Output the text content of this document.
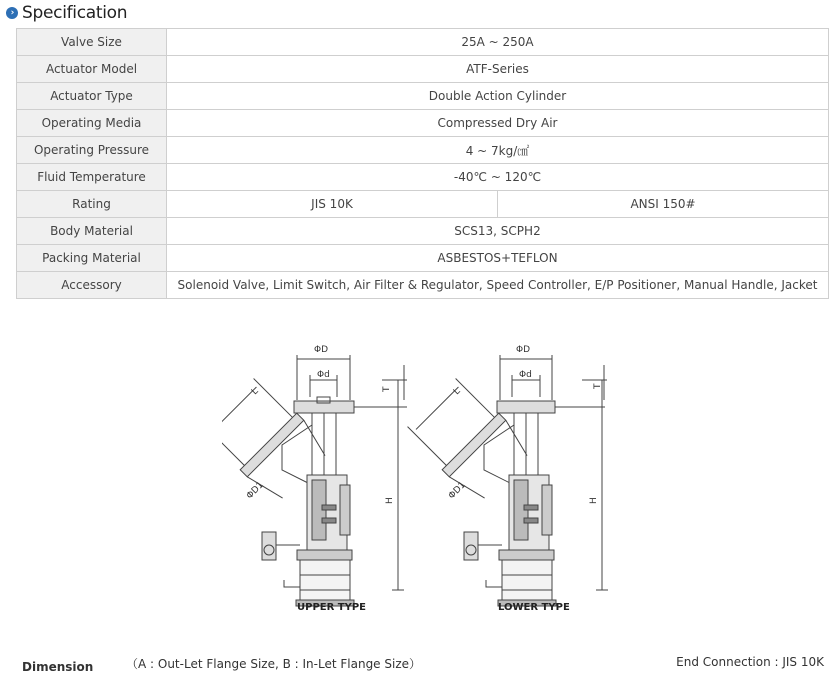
› Specification
Valve Size	25A ~ 250A	
Actuator Model	ATF-Series	
Actuator Type	Double Action Cylinder	
Operating Media	Compressed Dry Air	
Operating Pressure	4 ~ 7kg/㎠	
Fluid Temperature	-40℃ ~ 120℃	
Rating	JIS 10K	ANSI 150#
Body Material	SCS13, SCPH2	
Packing Material	ASBESTOS+TEFLON	
Accessory	Solenoid Valve, Limit Switch, Air Filter & Regulator, Speed Controller, E/P Positioner, Manual Handle, Jacket	
ΦD
Φd
T
L
H
ΦD1
ΦD
Φd
T
L
H
ΦD1
UPPER TYPE	LOWER TYPE
Dimension	（A : Out-Let Flange Size, B : In-Let Flange Size）	End Connection : JIS 10K
